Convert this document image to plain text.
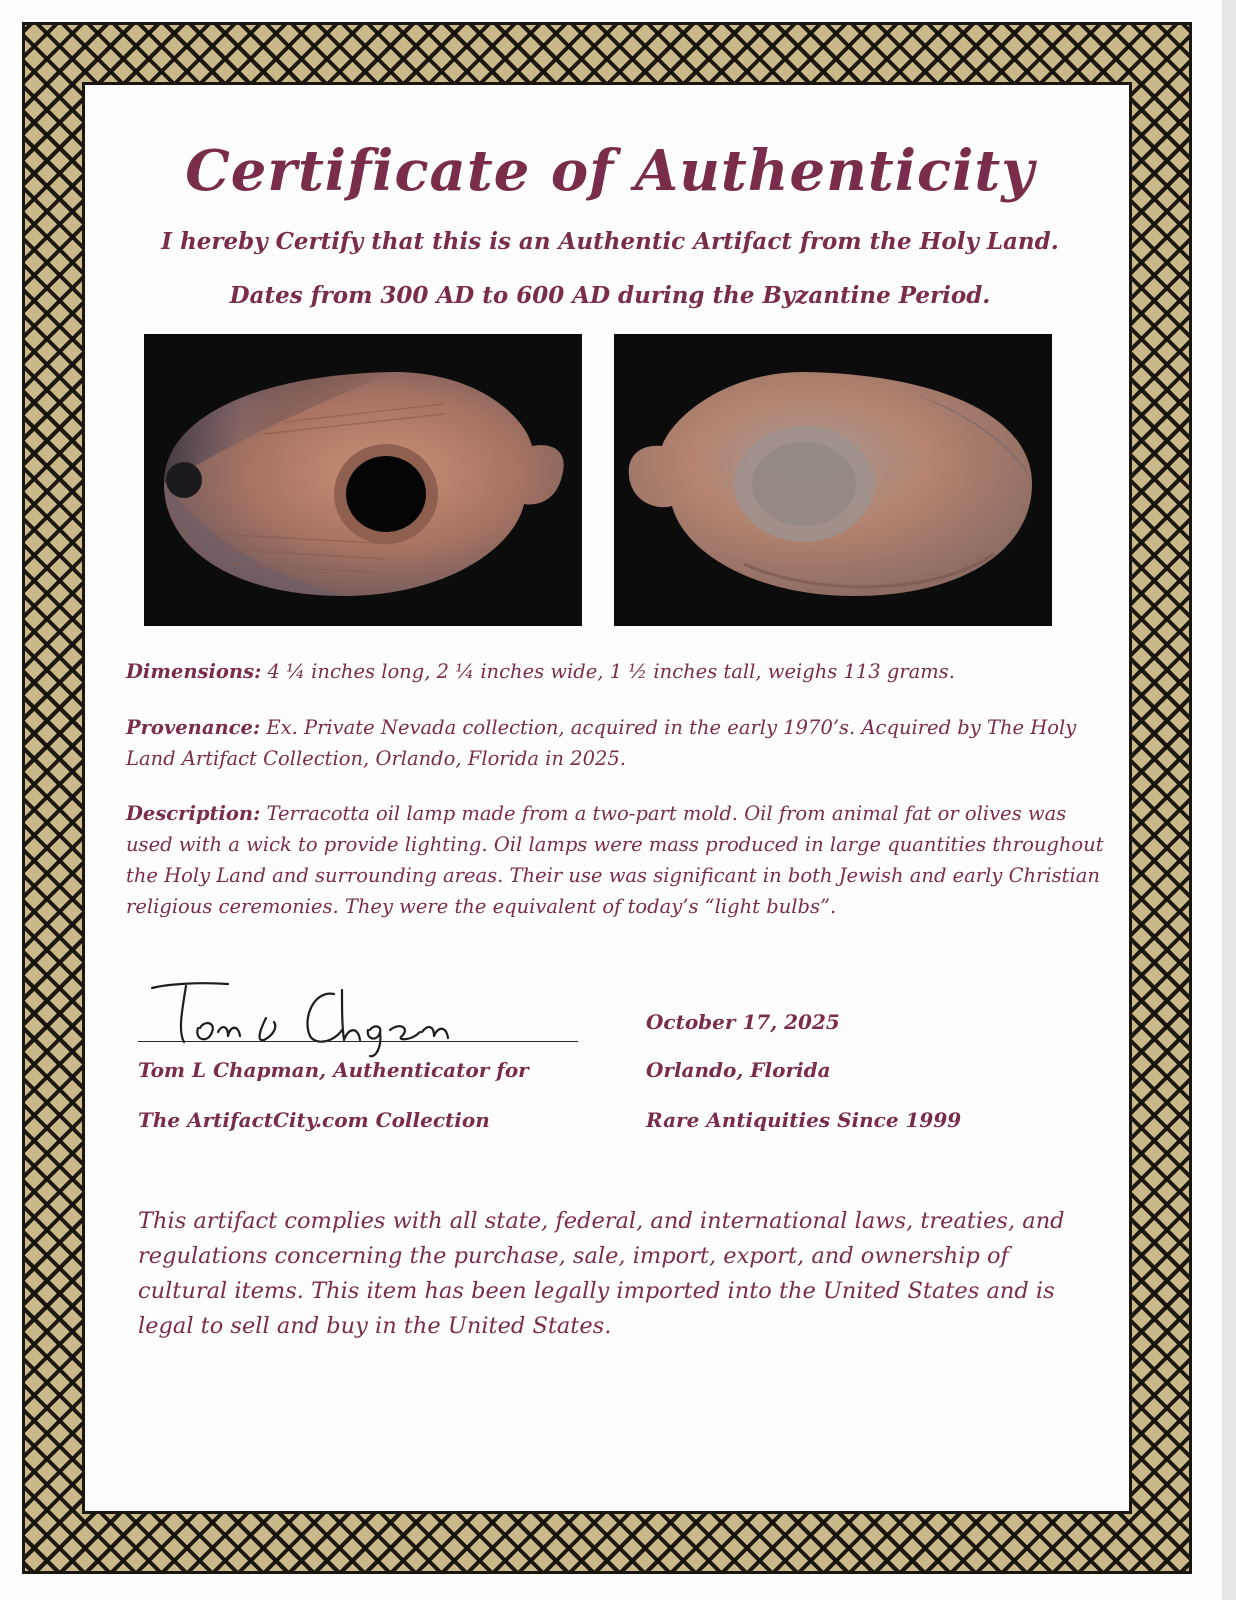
Certificate of Authenticity
I hereby Certify that this is an Authentic Artifact from the Holy Land.
Dates from 300 AD to 600 AD during the Byzantine Period.
Dimensions: 4 ¼ inches long, 2 ¼ inches wide, 1 ½ inches tall, weighs 113 grams.
Provenance: Ex. Private Nevada collection, acquired in the early 1970’s. Acquired by The Holy Land Artifact Collection, Orlando, Florida in 2025.
Description: Terracotta oil lamp made from a two-part mold. Oil from animal fat or olives was used with a wick to provide lighting. Oil lamps were mass produced in large quantities throughout the Holy Land and surrounding areas. Their use was significant in both Jewish and early Christian religious ceremonies. They were the equivalent of today’s “light bulbs”.
Tom L Chapman, Authenticator for
The ArtifactCity.com Collection
October 17, 2025
Orlando, Florida
Rare Antiquities Since 1999
This artifact complies with all state, federal, and international laws, treaties, and regulations concerning the purchase, sale, import, export, and ownership of cultural items. This item has been legally imported into the United States and is legal to sell and buy in the United States.
